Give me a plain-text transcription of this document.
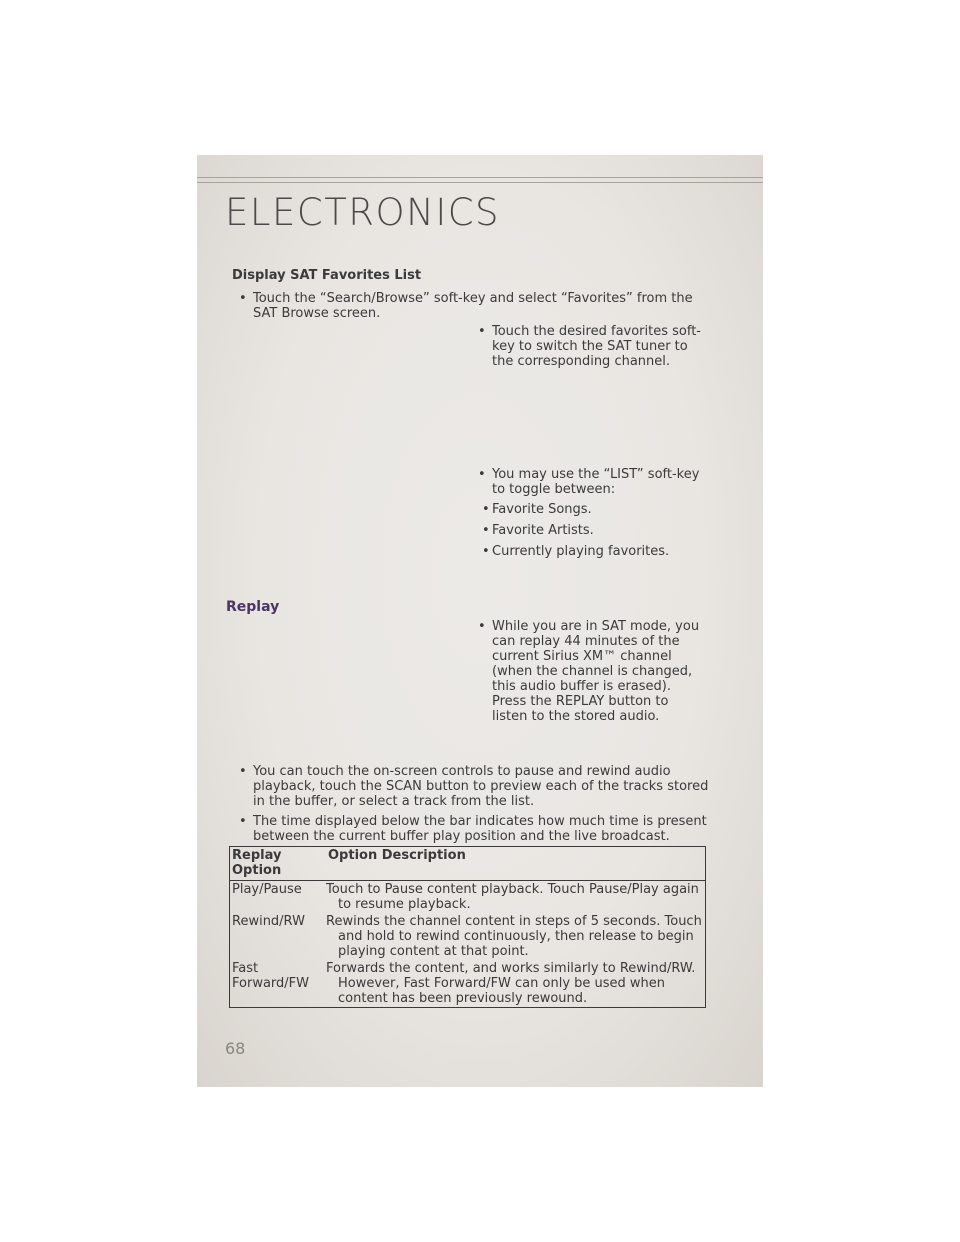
ELECTRONICS

Display SAT Favorites List

• Touch the “Search/Browse” soft-key and select “Favorites” from the SAT Browse screen.
• Touch the desired favorites soft-key to switch the SAT tuner to the corresponding channel.
• You may use the “LIST” soft-key to toggle between:
• Favorite Songs.
• Favorite Artists.
• Currently playing favorites.
Replay
• While you are in SAT mode, you can replay 44 minutes of the current Sirius XM™ channel (when the channel is changed, this audio buffer is erased). Press the REPLAY button to listen to the stored audio.
• You can touch the on-screen controls to pause and rewind audio playback, touch the SCAN button to preview each of the tracks stored in the buffer, or select a track from the list.
• The time displayed below the bar indicates how much time is present between the current buffer play position and the live broadcast.
Replay Option	Option Description
Play/Pause	Touch to Pause content playback. Touch Pause/Play again to resume playback.
Rewind/RW	Rewinds the channel content in steps of 5 seconds. Touch and hold to rewind continuously, then release to begin playing content at that point.
Fast Forward/FW	Forwards the content, and works similarly to Rewind/RW. However, Fast Forward/FW can only be used when content has been previously rewound.

68
